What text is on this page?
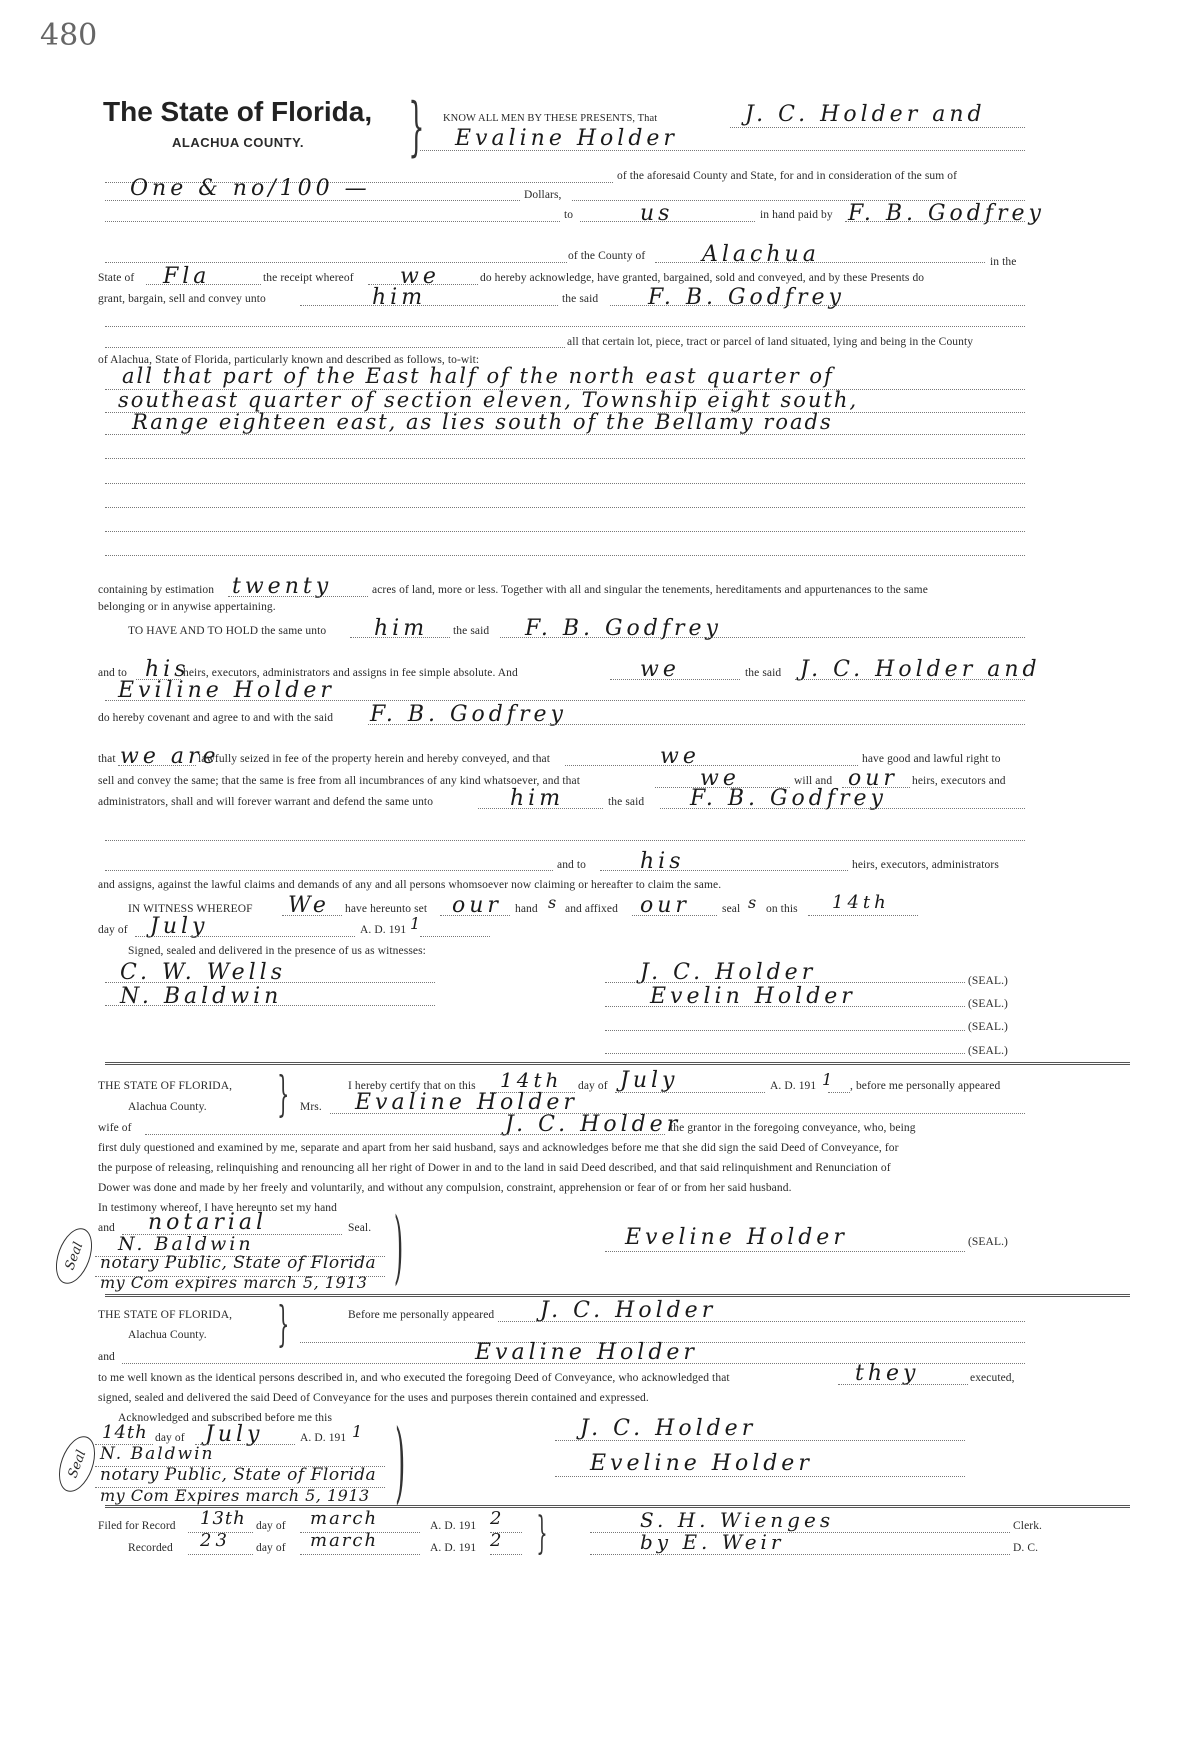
480
The State of Florida,
ALACHUA COUNTY. } KNOW ALL MEN BY THESE PRESENTS, That	J. C. Holder and
Evaline Holder
of the aforesaid County and State, for and in consideration of the sum of
One & no/100 —	Dollars,
to	us	in hand paid by F. B. Godfrey
of the County of	Alachua	in the
State of Fla	the receipt whereof we	do hereby acknowledge, have granted, bargained, sold and conveyed, and by these Presents do
grant, bargain, sell and convey unto	him	the said F. B. Godfrey
all that certain lot, piece, tract or parcel of land situated, lying and being in the County
of Alachua, State of Florida, particularly known and described as follows, to-wit:
all that part of the East half of the north east quarter of
southeast quarter of section eleven, Township eight south,
Range eighteen east, as lies south of the Bellamy roads
containing by estimation twenty	acres of land, more or less. Together with all and singular the tenements, hereditaments and appurtenances to the same
belonging or in anywise appertaining.
TO HAVE AND TO HOLD the same unto him the said F. B. Godfrey
and to his
heirs, executors, administrators and assigns in fee simple absolute. And	we	the said J. C. Holder and
Eviline Holder
do hereby covenant and agree to and with the said F. B. Godfrey
that we are
lawfully seized in fee of the property herein and hereby conveyed, and that	we	have good and lawful right to
sell and convey the same; that the same is free from all incumbrances of any kind whatsoever, and that	we	will and our heirs, executors and
administrators, shall and will forever warrant and defend the same unto	him	the said F. B. Godfrey
and to his	heirs, executors, administrators
and assigns, against the lawful claims and demands of any and all persons whomsoever now claiming or hereafter to claim the same.
IN WITNESS WHEREOF We have hereunto set our hand s and affixed our	seal s on this 14th
day of July	A. D. 191 1
Signed, sealed and delivered in the presence of us as witnesses:
C. W. Wells
N. Baldwin
J. C. Holder	(SEAL.)
Evelin Holder	(SEAL.)
(SEAL.)
(SEAL.)
THE STATE OF FLORIDA,
Alachua County. }	I hereby certify that on this 14th day of July	A. D. 191 1 , before me personally appeared
Mrs. Evaline Holder
wife of	J. C. Holder
the grantor in the foregoing conveyance, who, being
first duly questioned and examined by me, separate and apart from her said husband, says and acknowledges before me that she did sign the said Deed of Conveyance, for
the purpose of releasing, relinquishing and renouncing all her right of Dower in and to the land in said Deed described, and that said relinquishment and Renunciation of
Dower was done and made by her freely and voluntarily, and without any compulsion, constraint, apprehension or fear of or from her said husband.
In testimony whereof, I have hereunto set my hand
and notarial	Seal. )
N. Baldwin
notary Public, State of Florida
my Com expires march 5, 1913
Seal
Eveline Holder	(SEAL.)
THE STATE OF FLORIDA,
Alachua County. }	Before me personally appeared J. C. Holder
and	Evaline Holder
to me well known as the identical persons described in, and who executed the foregoing Deed of Conveyance, who acknowledged that	they	executed,
signed, sealed and delivered the said Deed of Conveyance for the uses and purposes therein contained and expressed.
Acknowledged and subscribed before me this )
14th day of July	A. D. 191 1
N. Baldwin
notary Public, State of Florida
my Com Expires march 5, 1913
Seal
J. C. Holder
Eveline Holder
Filed for Record 13th day of march	A. D. 191 2 }	S. H. Wienges	Clerk.
Recorded 23 day of march	A. D. 191 2	by E. Weir	D. C.
